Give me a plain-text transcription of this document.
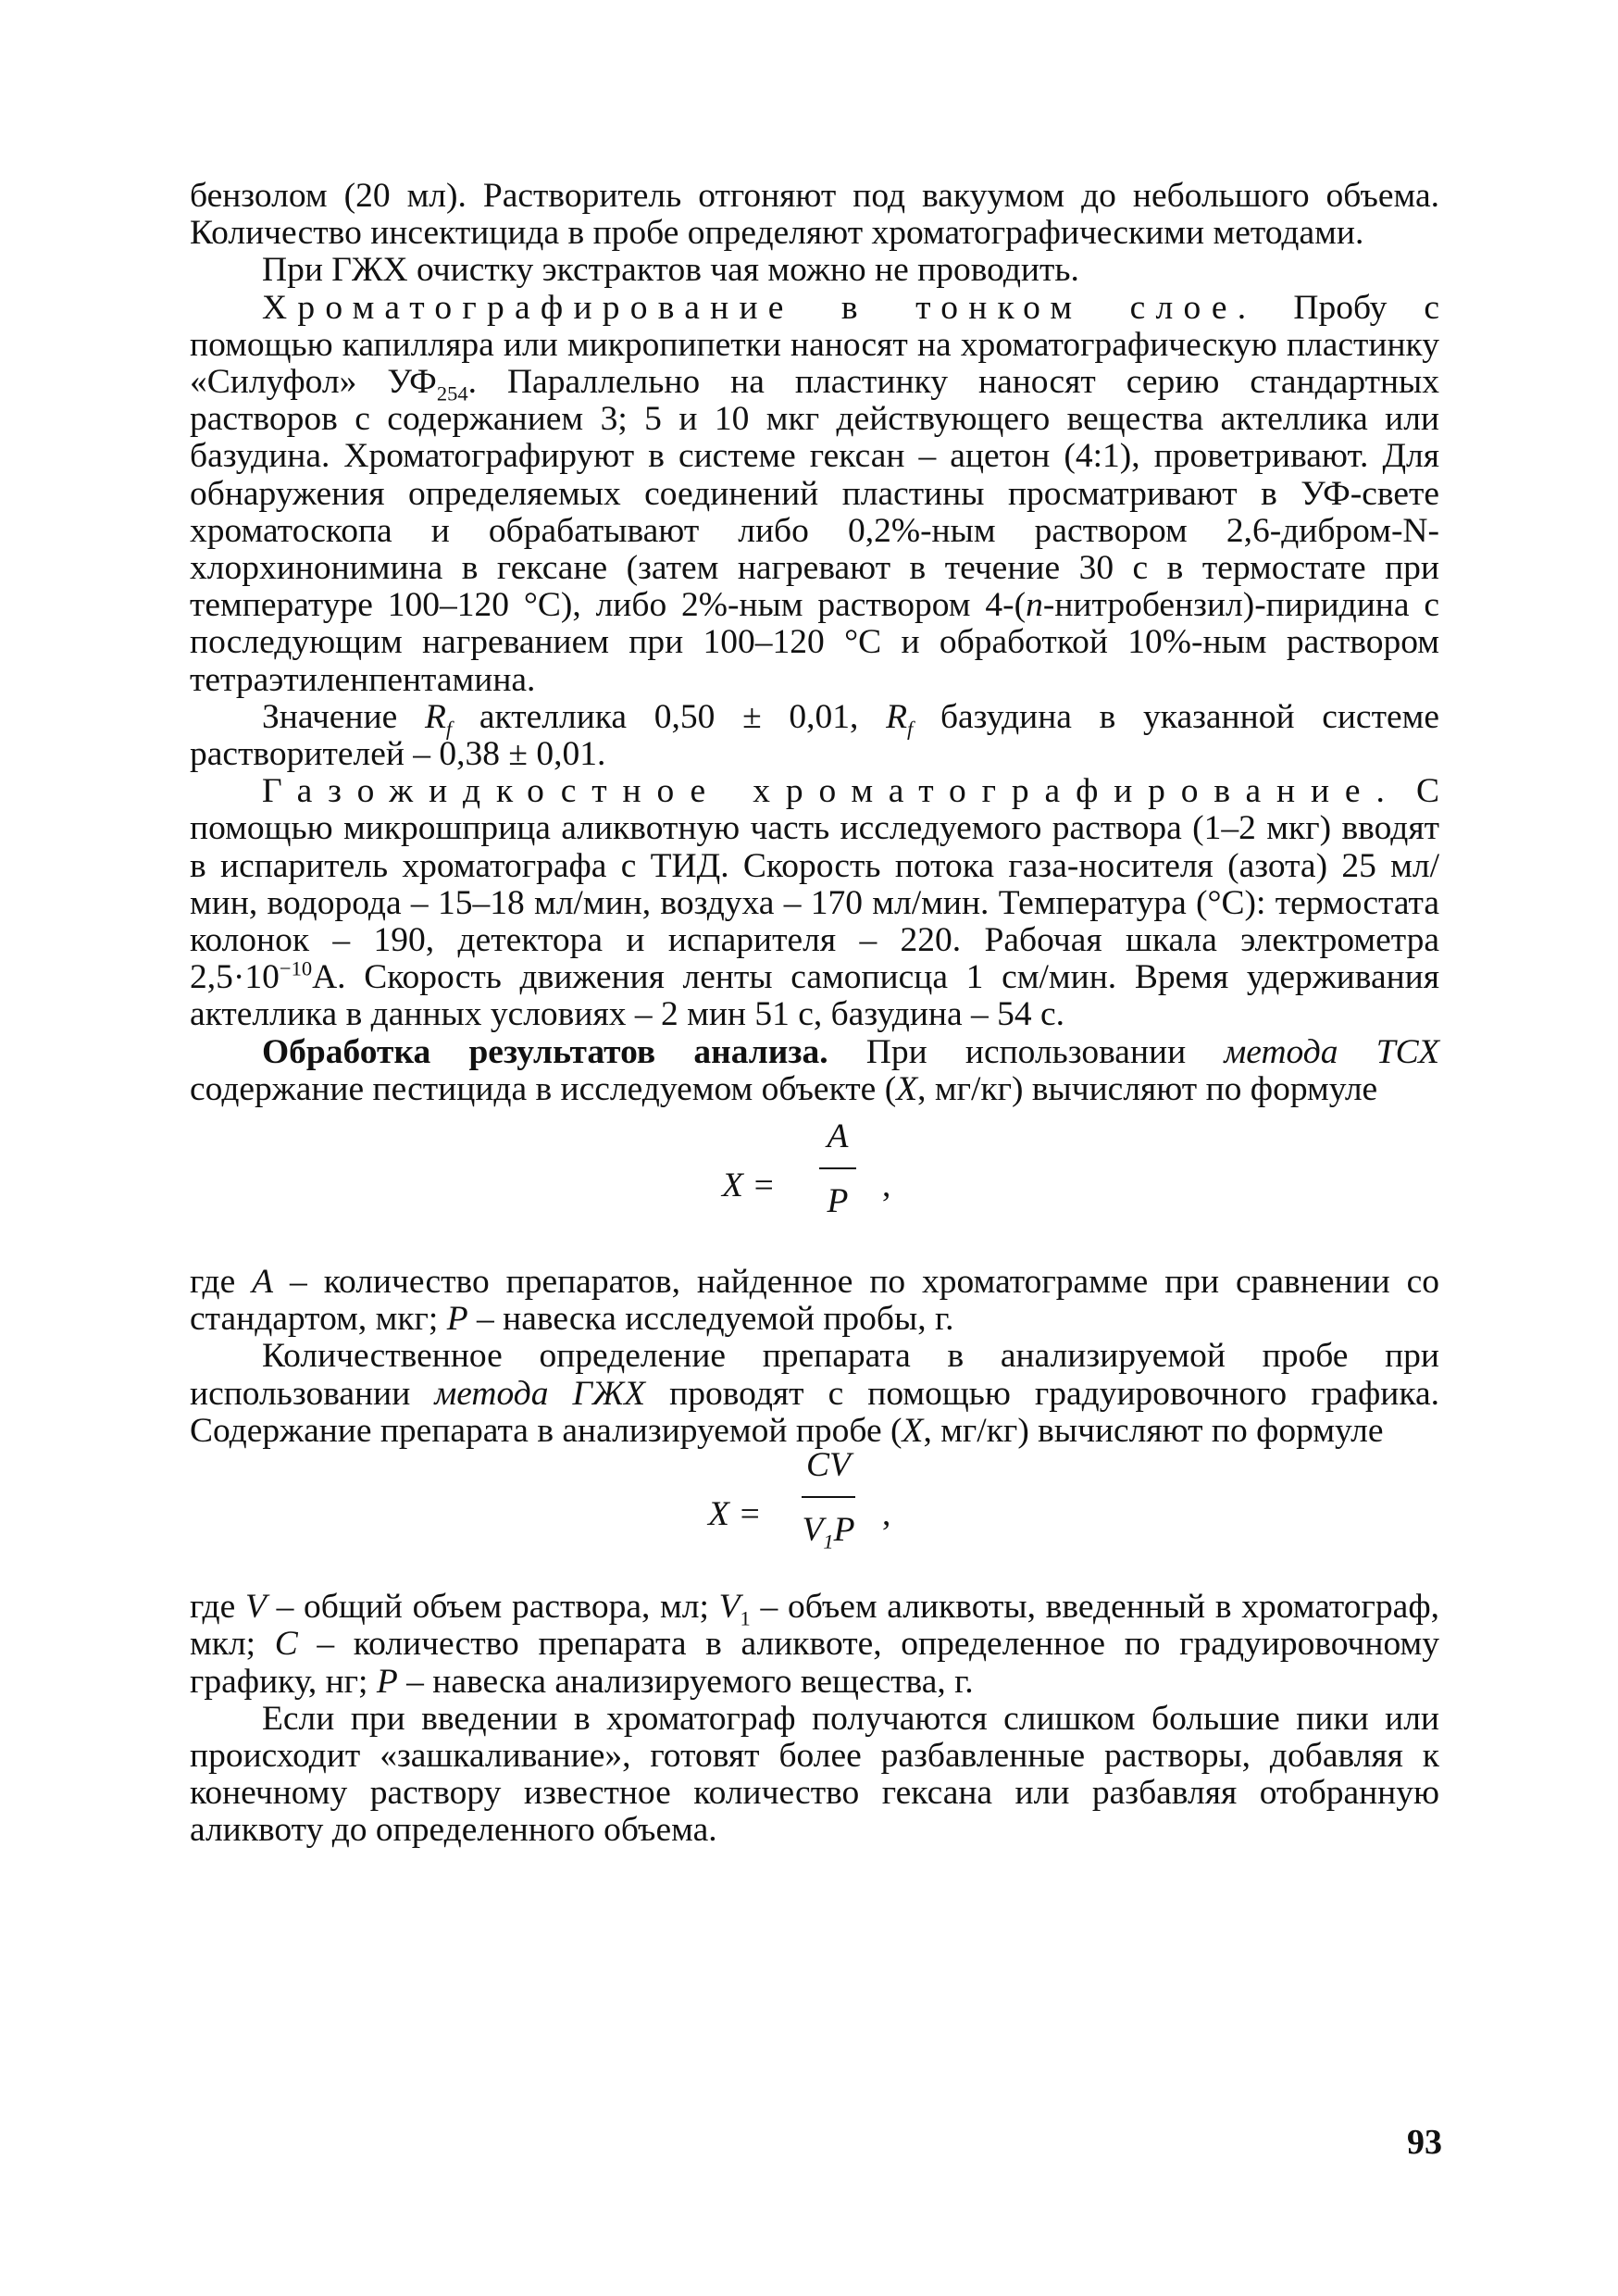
бензолом (20 мл). Растворитель отгоняют под вакуумом до небольшого объема. Количество инсектицида в пробе определяют хроматографическими методами.

При ГЖХ очистку экстрактов чая можно не проводить.

Хроматографирование в тонком слое. Пробу с помощью капилляра или микропипетки наносят на хроматографическую пластинку «Силуфол» $УФ_{254}$. Параллельно на пластинку наносят серию стандартных растворов с содержанием 3; 5 и 10 мкг действующего вещества актеллика или базудина. Хроматографируют в системе гексан – ацетон (4:1), проветривают. Для обнаружения определяемых соединений пластины просматривают в УФ-свете хроматоскопа и обрабатывают либо 0,2%-ным раствором 2,6-дибром-N-хлорхинонимина в гексане (затем нагревают в течение 30 с в термостате при температуре 100–120 °С), либо 2%-ным раствором 4-(n-нитробензил)-пиридина с последующим нагреванием при 100–120 °С и обработкой 10%-ным раствором тетраэтиленпентамина.

Значение $R_f$ актеллика 0,50 ± 0,01, $R_f$ базудина в указанной системе растворителей – 0,38 ± 0,01.

Газожидкостное хроматографирование. С помощью микрошприца аликвотную часть исследуемого раствора (1–2 мкг) вводят в испаритель хроматографа с ТИД. Скорость потока газа-носителя (азота) 25 мл/мин, водорода – 15–18 мл/мин, воздуха – 170 мл/мин. Температура (°С): термостата колонок – 190, детектора и испарителя – 220. Рабочая шкала электрометра $2,5\cdot 10^{-10}А$. Скорость движения ленты самописца 1 см/мин. Время удерживания актеллика в данных условиях – 2 мин 51 с, базудина – 54 с.

Обработка результатов анализа. При использовании метода ТСХ содержание пестицида в исследуемом объекте (X, мг/кг) вычисляют по формуле

X =
A
P ,

где A – количество препаратов, найденное по хроматограмме при сравнении со стандартом, мкг; P – навеска исследуемой пробы, г.

Количественное определение препарата в анализируемой пробе при использовании метода ГЖХ проводят с помощью градуировочного графика. Содержание препарата в анализируемой пробе (X, мг/кг) вычисляют по формуле

X =
CV
$V_1P$ ,

где V – общий объем раствора, мл; $V_1$ – объем аликвоты, введенный в хроматограф, мкл; C – количество препарата в аликвоте, определенное по градуировочному графику, нг; P – навеска анализируемого вещества, г.

Если при введении в хроматограф получаются слишком большие пики или происходит «зашкаливание», готовят более разбавленные растворы, добавляя к конечному раствору известное количество гексана или разбавляя отобранную аликвоту до определенного объема.

93
